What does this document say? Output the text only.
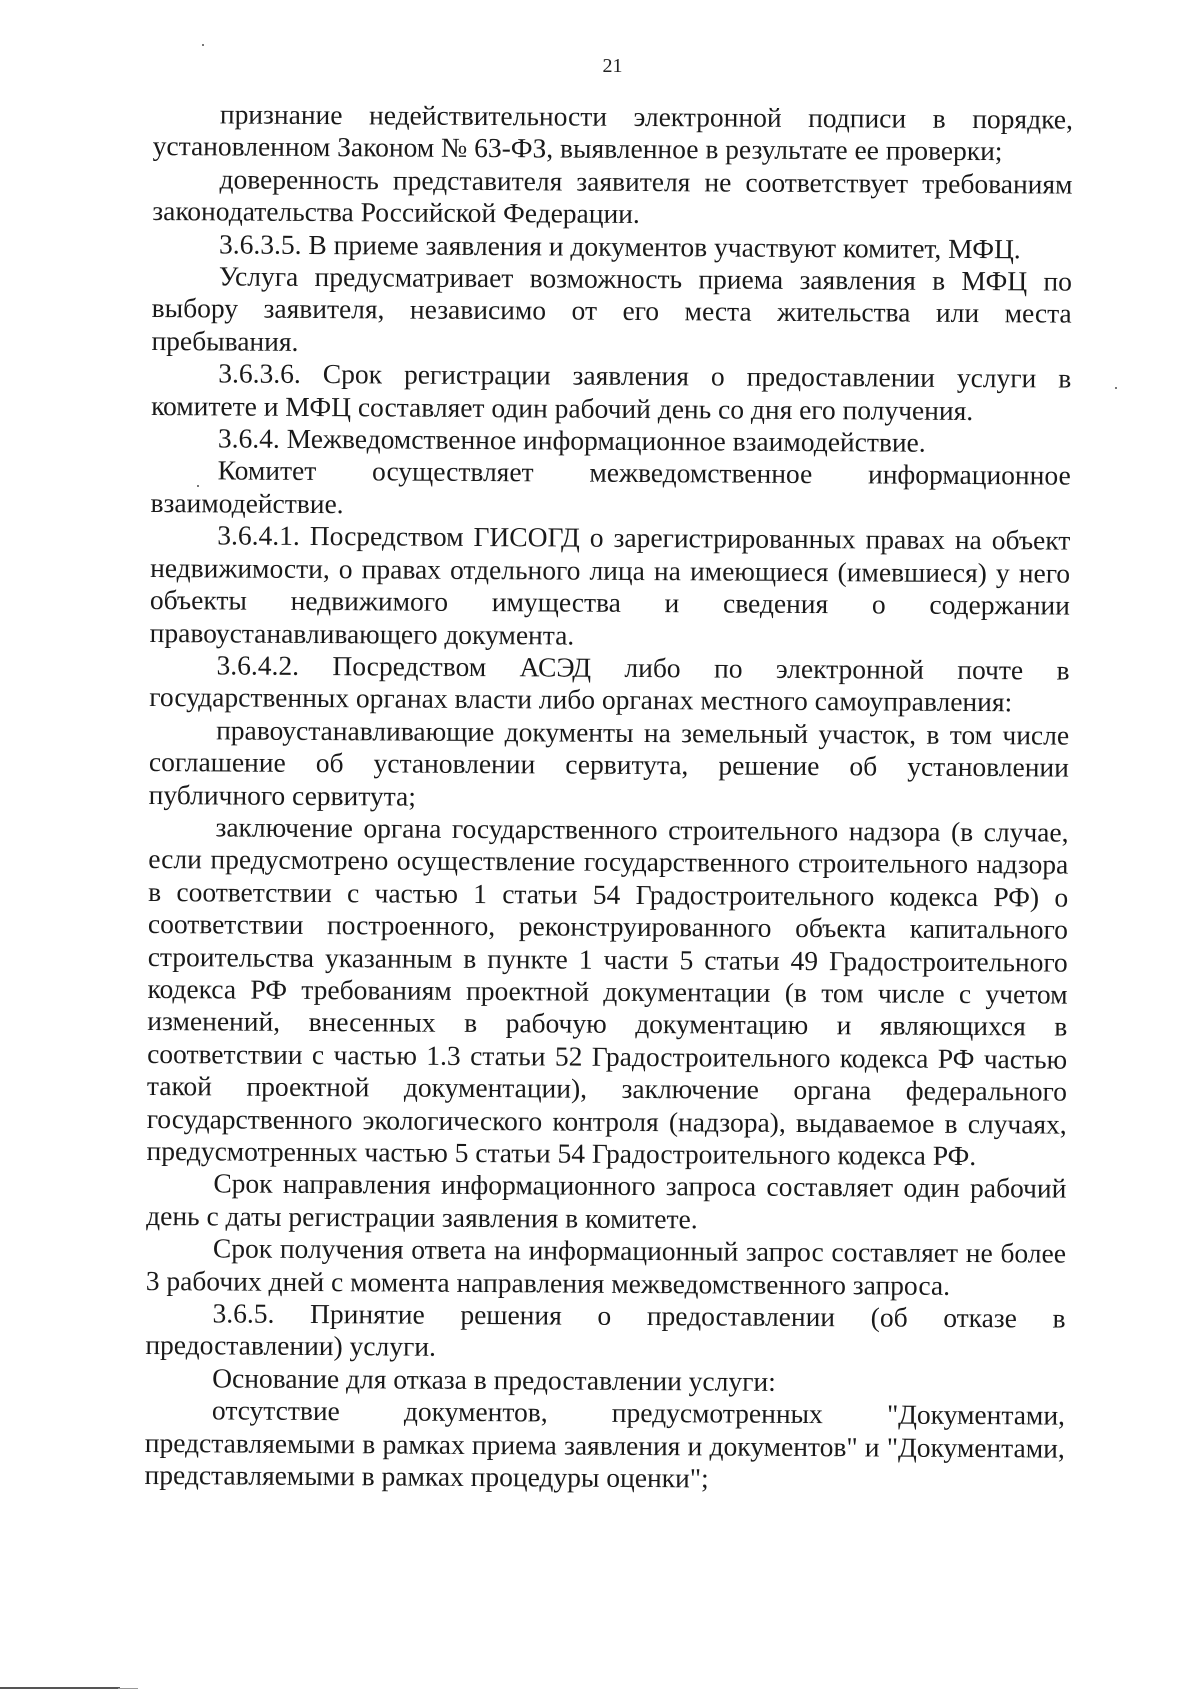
21

признание недействительности электронной подписи в порядке, установленном Законом № 63-ФЗ, выявленное в результате ее проверки;

доверенность представителя заявителя не соответствует требованиям законодательства Российской Федерации.

3.6.3.5. В приеме заявления и документов участвуют комитет, МФЦ.

Услуга предусматривает возможность приема заявления в МФЦ по выбору заявителя, независимо от его места жительства или места пребывания.

3.6.3.6. Срок регистрации заявления о предоставлении услуги в комитете и МФЦ составляет один рабочий день со дня его получения.

3.6.4. Межведомственное информационное взаимодействие.

Комитет осуществляет межведомственное информационное взаимодействие.

3.6.4.1. Посредством ГИСОГД о зарегистрированных правах на объект недвижимости, о правах отдельного лица на имеющиеся (имевшиеся) у него объекты недвижимого имущества и сведения о содержании правоустанавливающего документа.

3.6.4.2. Посредством АСЭД либо по электронной почте в государственных органах власти либо органах местного самоуправления:

правоустанавливающие документы на земельный участок, в том числе соглашение об установлении сервитута, решение об установлении публичного сервитута;

заключение органа государственного строительного надзора (в случае, если предусмотрено осуществление государственного строительного надзора в соответствии с частью 1 статьи 54 Градостроительного кодекса РФ) о соответствии построенного, реконструированного объекта капитального строительства указанным в пункте 1 части 5 статьи 49 Градостроительного кодекса РФ требованиям проектной документации (в том числе с учетом изменений, внесенных в рабочую документацию и являющихся в соответствии с частью 1.3 статьи 52 Градостроительного кодекса РФ частью такой проектной документации), заключение органа федерального государственного экологического контроля (надзора), выдаваемое в случаях, предусмотренных частью 5 статьи 54 Градостроительного кодекса РФ.

Срок направления информационного запроса составляет один рабочий день с даты регистрации заявления в комитете.

Срок получения ответа на информационный запрос составляет не более 3 рабочих дней с момента направления межведомственного запроса.

3.6.5. Принятие решения о предоставлении (об отказе в предоставлении) услуги.

Основание для отказа в предоставлении услуги:

отсутствие документов, предусмотренных "Документами, представляемыми в рамках приема заявления и документов" и "Документами, представляемыми в рамках процедуры оценки";
